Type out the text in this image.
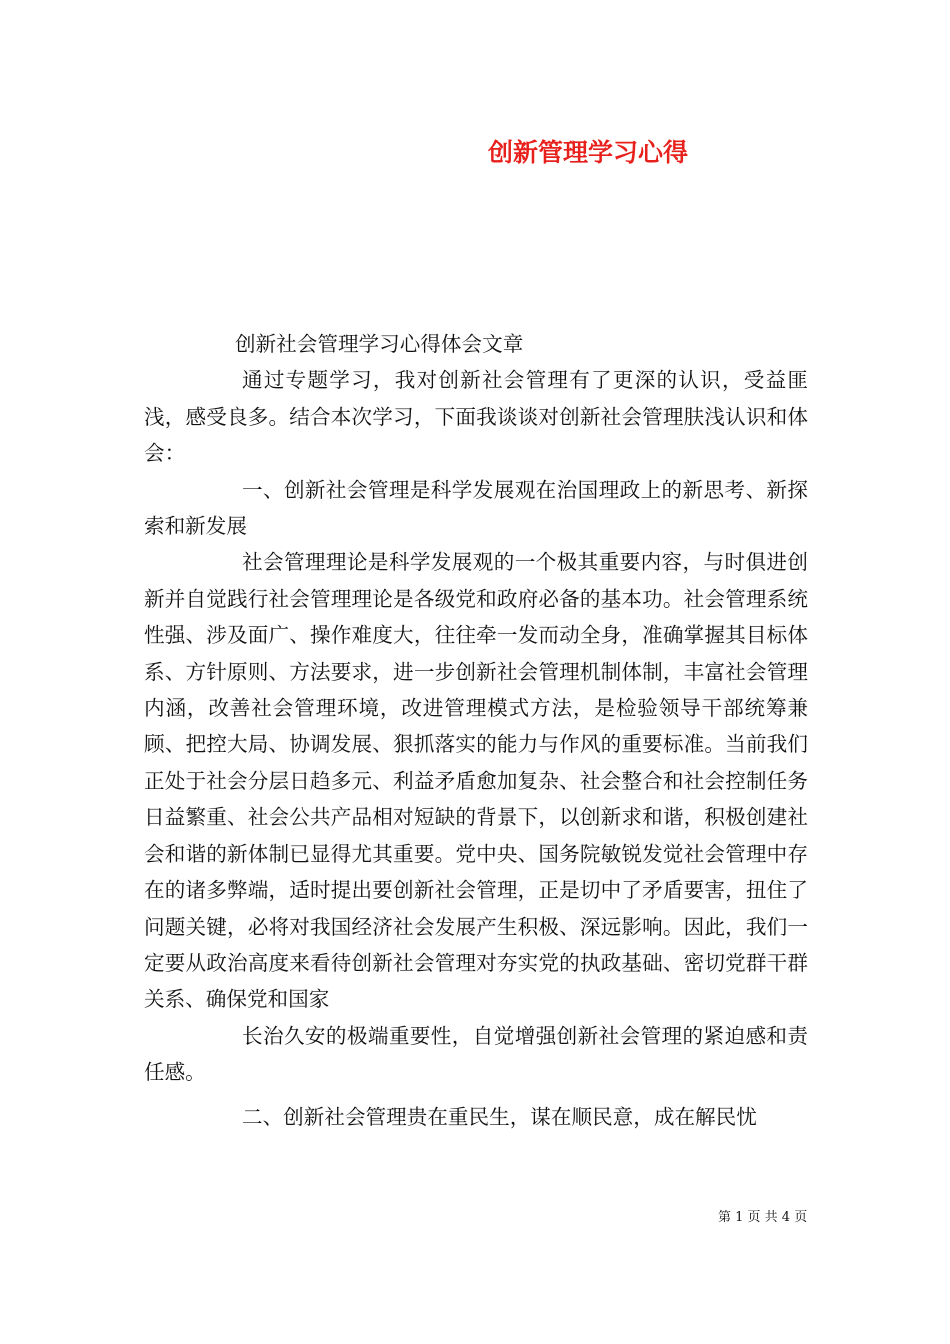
创新管理学习心得

创新社会管理学习心得体会文章

通过专题学习，我对创新社会管理有了更深的认识，受益匪浅，感受良多。结合本次学习，下面我谈谈对创新社会管理肤浅认识和体会：

一、创新社会管理是科学发展观在治国理政上的新思考、新探索和新发展

社会管理理论是科学发展观的一个极其重要内容，与时俱进创新并自觉践行社会管理理论是各级党和政府必备的基本功。社会管理系统性强、涉及面广、操作难度大，往往牵一发而动全身，准确掌握其目标体系、方针原则、方法要求，进一步创新社会管理机制体制，丰富社会管理内涵，改善社会管理环境，改进管理模式方法，是检验领导干部统筹兼顾、把控大局、协调发展、狠抓落实的能力与作风的重要标准。当前我们正处于社会分层日趋多元、利益矛盾愈加复杂、社会整合和社会控制任务日益繁重、社会公共产品相对短缺的背景下，以创新求和谐，积极创建社会和谐的新体制已显得尤其重要。党中央、国务院敏锐发觉社会管理中存在的诸多弊端，适时提出要创新社会管理，正是切中了矛盾要害，扭住了问题关键，必将对我国经济社会发展产生积极、深远影响。因此，我们一定要从政治高度来看待创新社会管理对夯实党的执政基础、密切党群干群关系、确保党和国家

长治久安的极端重要性，自觉增强创新社会管理的紧迫感和责任感。

二、创新社会管理贵在重民生，谋在顺民意，成在解民忧

第 1 页 共 4 页
